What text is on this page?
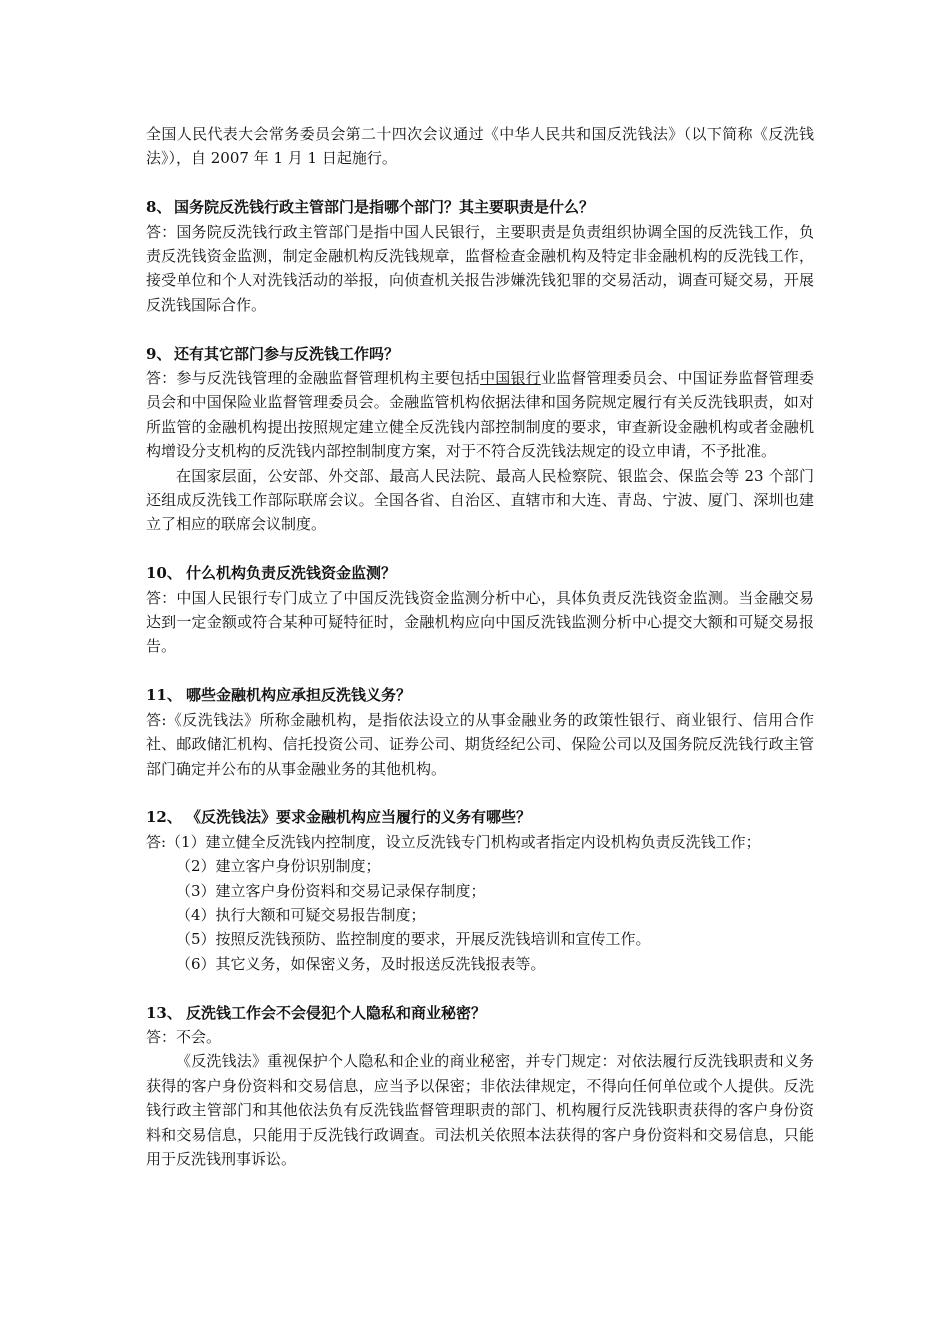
全国人民代表大会常务委员会第二十四次会议通过《中华人民共和国反洗钱法》（以下简称《反洗钱法》），自 2007 年 1 月 1 日起施行。

8、 国务院反洗钱行政主管部门是指哪个部门？其主要职责是什么？

答：国务院反洗钱行政主管部门是指中国人民银行，主要职责是负责组织协调全国的反洗钱工作，负责反洗钱资金监测，制定金融机构反洗钱规章，监督检查金融机构及特定非金融机构的反洗钱工作，接受单位和个人对洗钱活动的举报，向侦查机关报告涉嫌洗钱犯罪的交易活动，调查可疑交易，开展反洗钱国际合作。

9、 还有其它部门参与反洗钱工作吗？

答：参与反洗钱管理的金融监督管理机构主要包括中国银行业监督管理委员会、中国证券监督管理委员会和中国保险业监督管理委员会。金融监管机构依据法律和国务院规定履行有关反洗钱职责，如对所监管的金融机构提出按照规定建立健全反洗钱内部控制制度的要求，审查新设金融机构或者金融机构增设分支机构的反洗钱内部控制制度方案，对于不符合反洗钱法规定的设立申请，不予批准。

在国家层面，公安部、外交部、最高人民法院、最高人民检察院、银监会、保监会等 23 个部门还组成反洗钱工作部际联席会议。全国各省、自治区、直辖市和大连、青岛、宁波、厦门、深圳也建立了相应的联席会议制度。

10、 什么机构负责反洗钱资金监测？

答：中国人民银行专门成立了中国反洗钱资金监测分析中心，具体负责反洗钱资金监测。当金融交易达到一定金额或符合某种可疑特征时，金融机构应向中国反洗钱监测分析中心提交大额和可疑交易报告。

11、 哪些金融机构应承担反洗钱义务？

答:《反洗钱法》所称金融机构，是指依法设立的从事金融业务的政策性银行、商业银行、信用合作社、邮政储汇机构、信托投资公司、证券公司、期货经纪公司、保险公司以及国务院反洗钱行政主管部门确定并公布的从事金融业务的其他机构。

12、 《反洗钱法》要求金融机构应当履行的义务有哪些？

答:（1）建立健全反洗钱内控制度，设立反洗钱专门机构或者指定内设机构负责反洗钱工作；

（2）建立客户身份识别制度；

（3）建立客户身份资料和交易记录保存制度；

（4）执行大额和可疑交易报告制度；

（5）按照反洗钱预防、监控制度的要求，开展反洗钱培训和宣传工作。

（6）其它义务，如保密义务，及时报送反洗钱报表等。

13、 反洗钱工作会不会侵犯个人隐私和商业秘密？

答：不会。

《反洗钱法》重视保护个人隐私和企业的商业秘密，并专门规定：对依法履行反洗钱职责和义务获得的客户身份资料和交易信息，应当予以保密；非依法律规定，不得向任何单位或个人提供。反洗钱行政主管部门和其他依法负有反洗钱监督管理职责的部门、机构履行反洗钱职责获得的客户身份资料和交易信息，只能用于反洗钱行政调查。司法机关依照本法获得的客户身份资料和交易信息，只能用于反洗钱刑事诉讼。
